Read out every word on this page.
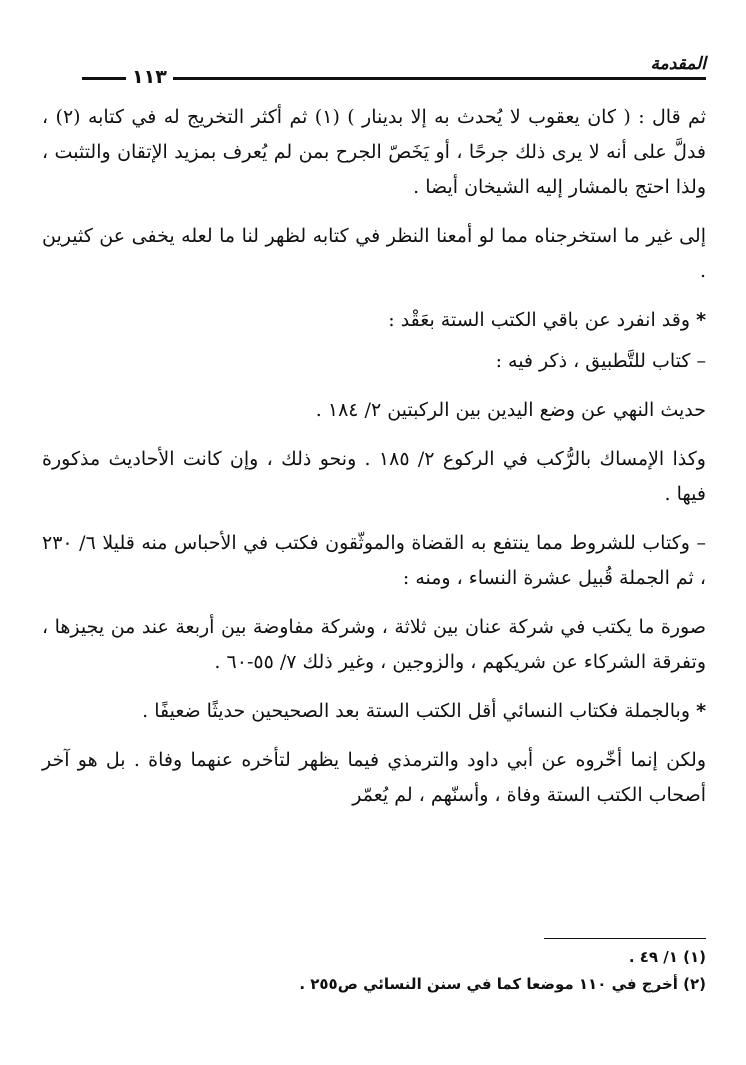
المقدمة
١١٣

ثم قال : ( كان يعقوب لا يُحدث به إلا بدينار ) (١) ثم أكثر التخريج له في كتابه (٢) ، فدلَّ على أنه لا يرى ذلك جرحًا ، أو يَخَصّ الجرح بمن لم يُعرف بمزيد الإتقان والتثبت ، ولذا احتج بالمشار إليه الشيخان أيضا .

إلى غير ما استخرجناه مما لو أمعنا النظر في كتابه لظهر لنا ما لعله يخفى عن كثيرين .

* وقد انفرد عن باقي الكتب الستة بعَقْد :

– كتاب للتَّطبيق ، ذكر فيه :

حديث النهي عن وضع اليدين بين الركبتين ٢/ ١٨٤ .

وكذا الإمساك بالرُّكب في الركوع ٢/ ١٨٥ . ونحو ذلك ، وإن كانت الأحاديث مذكورة فيها .

– وكتاب للشروط مما ينتفع به القضاة والموثّقون فكتب في الأحباس منه قليلا ٦/ ٢٣٠ ، ثم الجملة قُبيل عشرة النساء ، ومنه :

صورة ما يكتب في شركة عنان بين ثلاثة ، وشركة مفاوضة بين أربعة عند من يجيزها ، وتفرقة الشركاء عن شريكهم ، والزوجين ، وغير ذلك ٧/ ٥٥-٦٠ .

* وبالجملة فكتاب النسائي أقل الكتب الستة بعد الصحيحين حديثًا ضعيفًا .

ولكن إنما أخّروه عن أبي داود والترمذي فيما يظهر لتأخره عنهما وفاة . بل هو آخر أصحاب الكتب الستة وفاة ، وأسنّهم ، لم يُعمّر

(١) ١/ ٤٩ .

(٢) أخرج في ١١٠ موضعا كما في سنن النسائي ص٢٥٥ .
